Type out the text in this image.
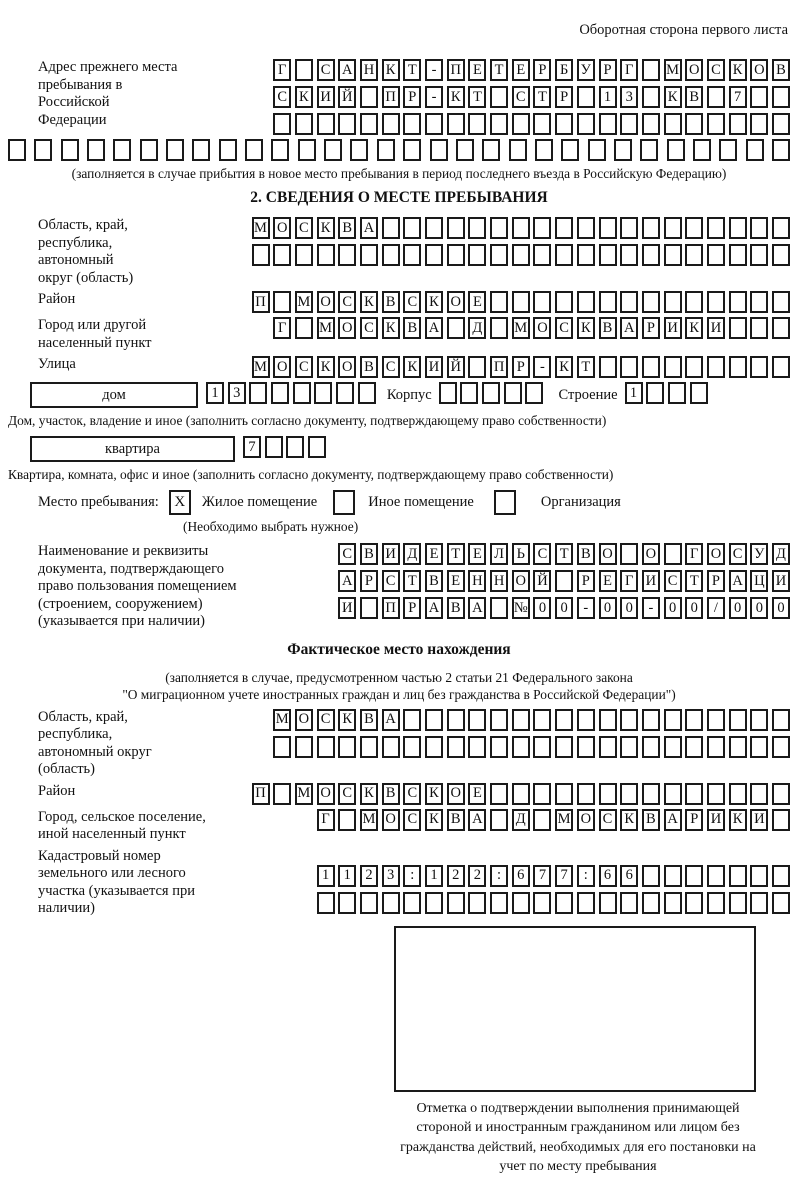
Оборотная сторона первого листа
Адрес прежнего места пребывания в Российской Федерации
Г	С А Н К Т	- П Е Т Е Р Б У Р Г	М О С К О В
С К И Й П Р	- К Т	С Т Р	1 3	К В	7
(заполняется в случае прибытия в новое место пребывания в период последнего въезда в Российскую Федерацию)
2. СВЕДЕНИЯ О МЕСТЕ ПРЕБЫВАНИЯ
Область, край, республика, автономный округ (область)
М О С К В А
Район	П М О С К В С К О Е
Город или другой населенный пункт
Г	М О С К В А Д М О С К В А Р И К И
Улица	М О С К О В С К И Й П Р	- К Т
дом	1 3	Корпус	Строение 1
Дом, участок, владение и иное (заполнить согласно документу, подтверждающему право собственности)
квартира	7
Квартира, комната, офис и иное (заполнить согласно документу, подтверждающему право собственности)
Место пребывания:	X	Жилое помещение	Иное помещение	Организация
(Необходимо выбрать нужное)
Наименование и реквизиты документа, подтверждающего право пользования помещением (строением, сооружением) (указывается при наличии)
С В И Д Е Т Е Л Ь С Т В О О	Г О С У Д
А Р С Т В Е Н Н О Й	Р Е Г И С Т Р А Ц И
И П Р А В А № 0 0	-	0 0	-	0 0	/	0 0 0
Фактическое место нахождения
(заполняется в случае, предусмотренном частью 2 статьи 21 Федерального закона
"О миграционном учете иностранных граждан и лиц без гражданства в Российской Федерации")
Область, край, республика, автономный округ (область)
М О С К В А
Район	П М О С К В С К О Е
Город, сельское поселение, иной населенный пункт
Г	М О С К В А Д М О С К В А Р И К И
Кадастровый номер земельного или лесного участка (указывается при наличии)
1 1 2 3	:	1 2 2	:	6 7 7	:	6 6
Отметка о подтверждении выполнения принимающей стороной и иностранным гражданином или лицом без гражданства действий, необходимых для его постановки на учет по месту пребывания
